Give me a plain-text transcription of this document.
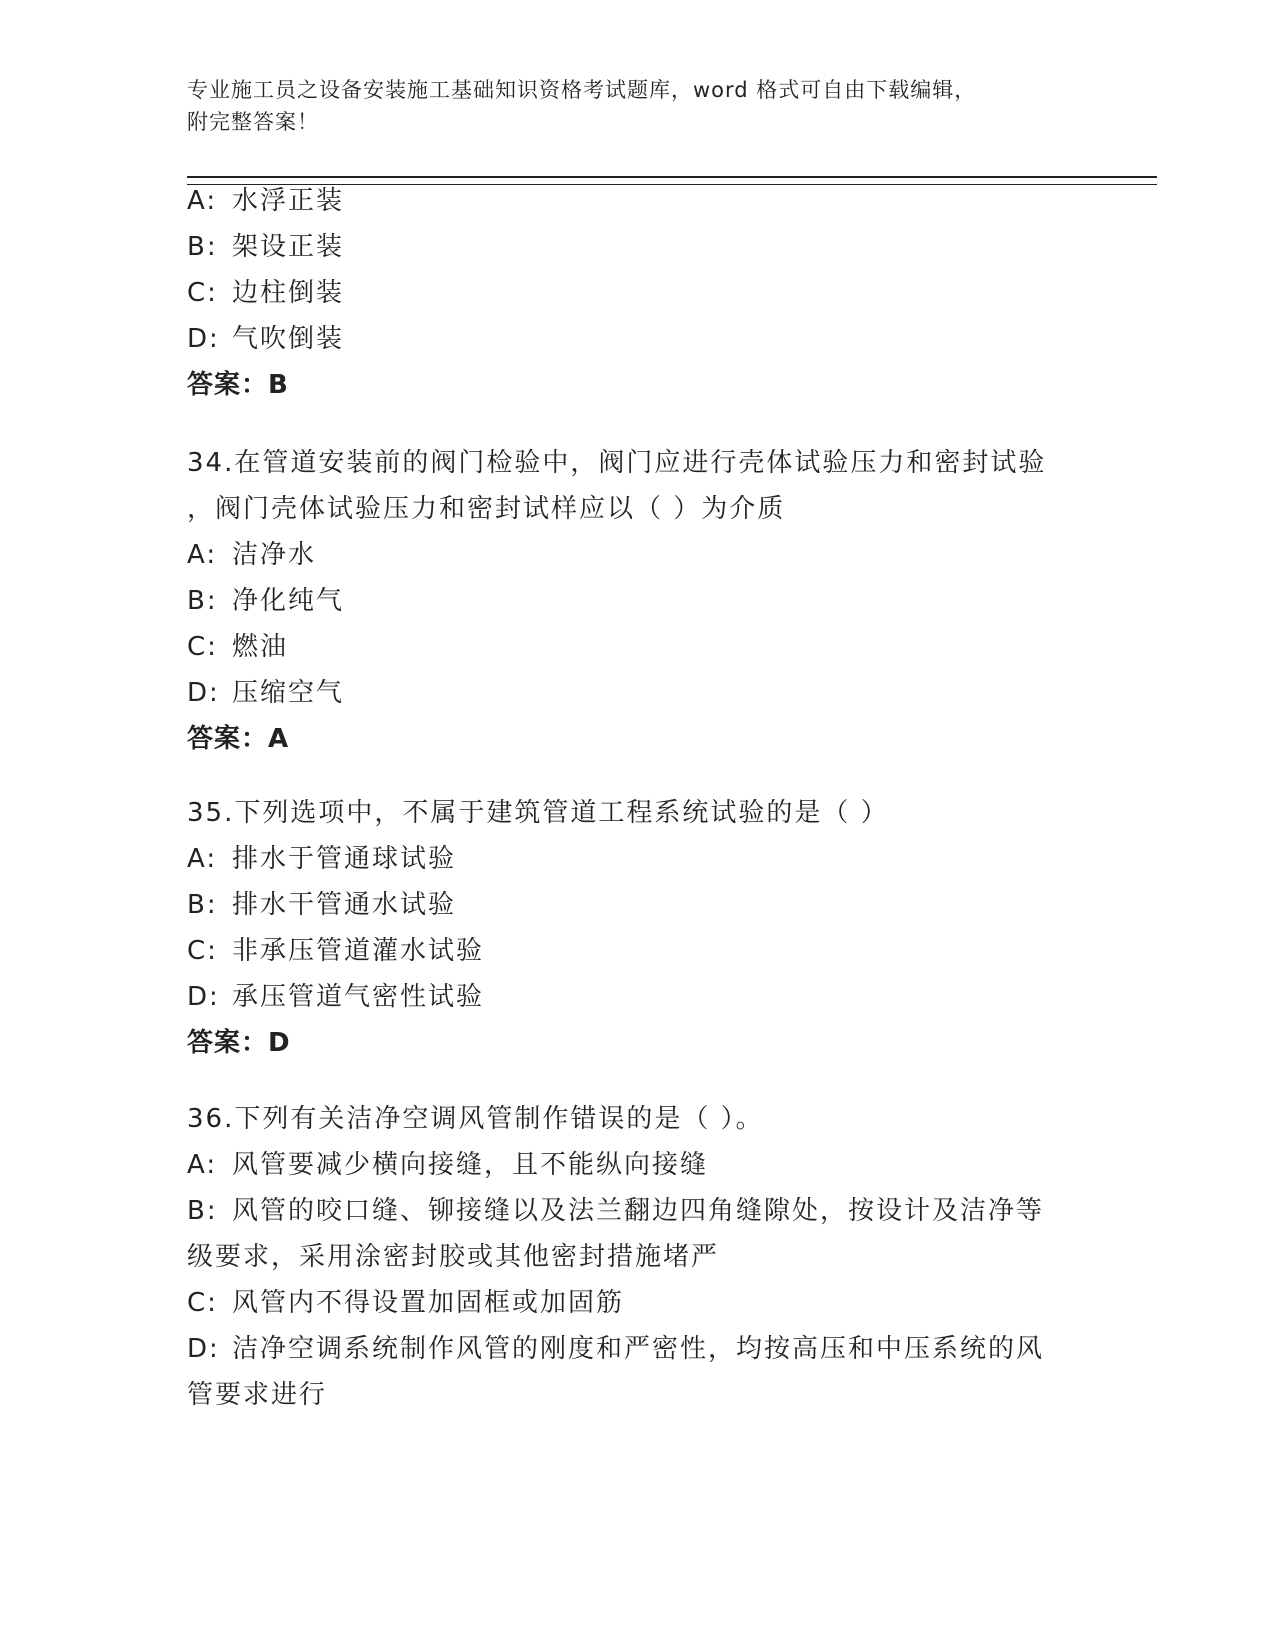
专业施工员之设备安装施工基础知识资格考试题库，word 格式可自由下载编辑，
附完整答案！
A: 水浮正装
B: 架设正装
C: 边柱倒装
D: 气吹倒装
答案：B
34.在管道安装前的阀门检验中，阀门应进行壳体试验压力和密封试验
，阀门壳体试验压力和密封试样应以（ ）为介质
A: 洁净水
B: 净化纯气
C: 燃油
D: 压缩空气
答案：A
35.下列选项中，不属于建筑管道工程系统试验的是（ ）
A: 排水于管通球试验
B: 排水干管通水试验
C: 非承压管道灌水试验
D: 承压管道气密性试验
答案：D
36.下列有关洁净空调风管制作错误的是（ ）。
A: 风管要减少横向接缝，且不能纵向接缝
B: 风管的咬口缝、铆接缝以及法兰翻边四角缝隙处，按设计及洁净等
级要求，采用涂密封胶或其他密封措施堵严
C: 风管内不得设置加固框或加固筋
D: 洁净空调系统制作风管的刚度和严密性，均按高压和中压系统的风
管要求进行
